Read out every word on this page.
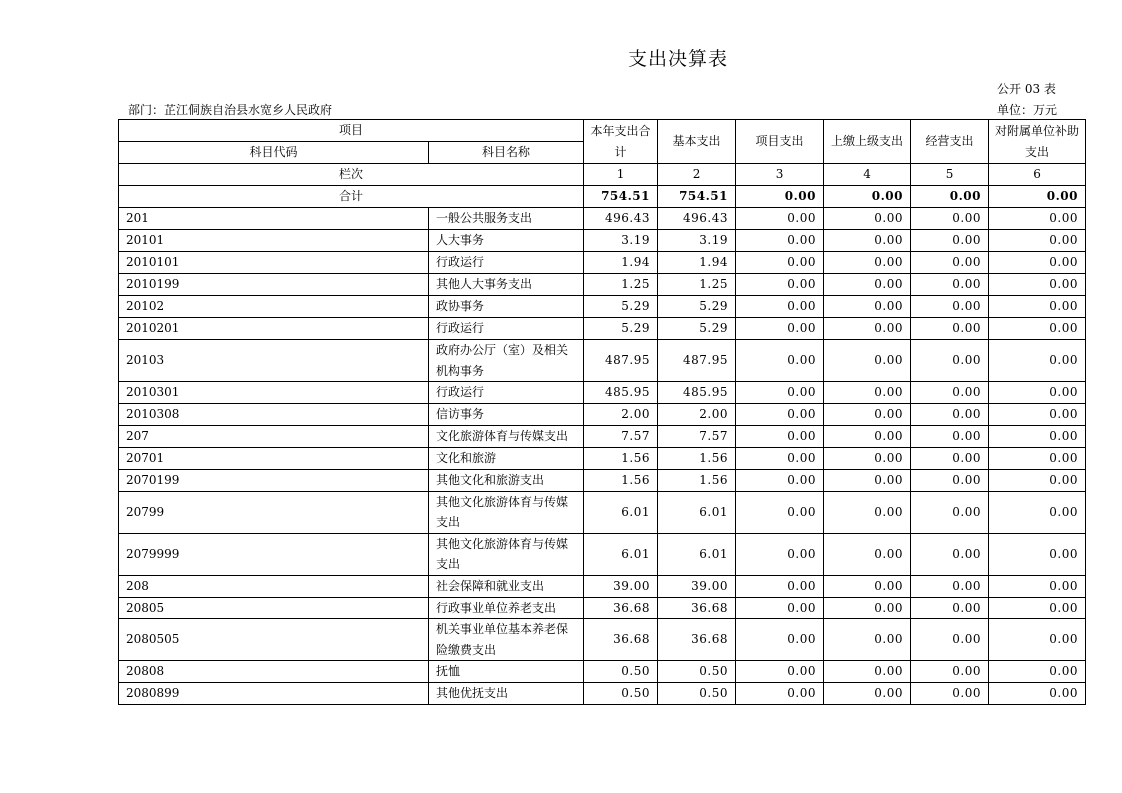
支出决算表
公开 03 表
部门：芷江侗族自治县水宽乡人民政府	单位：万元
项目		本年支出合计	基本支出	项目支出	上缴上级支出	经营支出	对附属单位补助支出
科目代码	科目名称						
栏次		1	2	3	4	5	6
合计		754.51	754.51	0.00	0.00	0.00	0.00
201	一般公共服务支出	496.43	496.43	0.00	0.00	0.00	0.00
20101	人大事务	3.19	3.19	0.00	0.00	0.00	0.00
2010101	行政运行	1.94	1.94	0.00	0.00	0.00	0.00
2010199	其他人大事务支出	1.25	1.25	0.00	0.00	0.00	0.00
20102	政协事务	5.29	5.29	0.00	0.00	0.00	0.00
2010201	行政运行	5.29	5.29	0.00	0.00	0.00	0.00
20103	政府办公厅（室）及相关机构事务	487.95	487.95	0.00	0.00	0.00	0.00
2010301	行政运行	485.95	485.95	0.00	0.00	0.00	0.00
2010308	信访事务	2.00	2.00	0.00	0.00	0.00	0.00
207	文化旅游体育与传媒支出	7.57	7.57	0.00	0.00	0.00	0.00
20701	文化和旅游	1.56	1.56	0.00	0.00	0.00	0.00
2070199	其他文化和旅游支出	1.56	1.56	0.00	0.00	0.00	0.00
20799	其他文化旅游体育与传媒支出	6.01	6.01	0.00	0.00	0.00	0.00
2079999	其他文化旅游体育与传媒支出	6.01	6.01	0.00	0.00	0.00	0.00
208	社会保障和就业支出	39.00	39.00	0.00	0.00	0.00	0.00
20805	行政事业单位养老支出	36.68	36.68	0.00	0.00	0.00	0.00
2080505	机关事业单位基本养老保险缴费支出	36.68	36.68	0.00	0.00	0.00	0.00
20808	抚恤	0.50	0.50	0.00	0.00	0.00	0.00
2080899	其他优抚支出	0.50	0.50	0.00	0.00	0.00	0.00
